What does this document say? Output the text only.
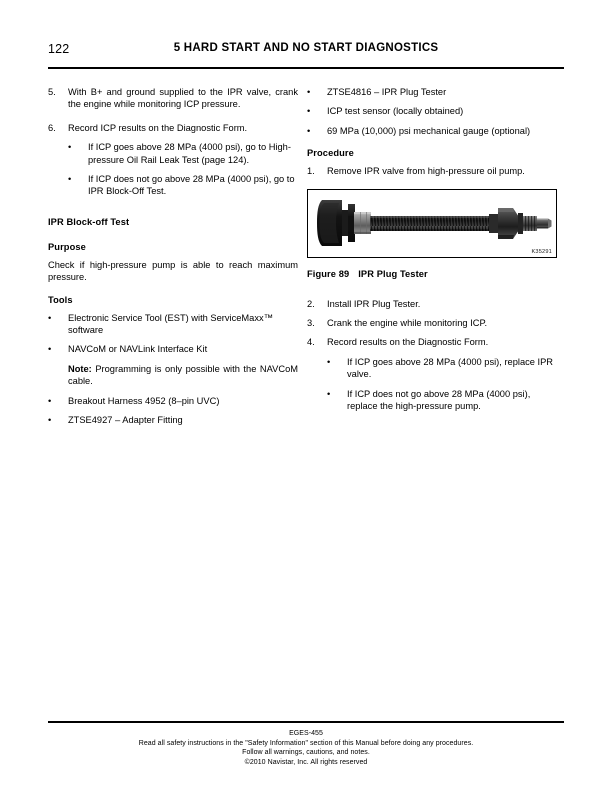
122	5 HARD START AND NO START DIAGNOSTICS
5.	With B+ and ground supplied to the IPR valve, crank the engine while monitoring ICP pressure.
6.	Record ICP results on the Diagnostic Form.
•	If ICP goes above 28 MPa (4000 psi), go to High-pressure Oil Rail Leak Test (page 124).
•	If ICP does not go above 28 MPa (4000 psi), go to IPR Block-Off Test.
IPR Block-off Test
Purpose
Check if high-pressure pump is able to reach maximum pressure.
Tools
•	Electronic Service Tool (EST) with ServiceMaxx™ software
•	NAVCoM or NAVLink Interface Kit
Note: Programming is only possible with the NAVCoM cable.
•	Breakout Harness 4952 (8–pin UVC)
•	ZTSE4927 – Adapter Fitting
•	ZTSE4816 – IPR Plug Tester
•	ICP test sensor (locally obtained)
•	69 MPa (10,000) psi mechanical gauge (optional)
Procedure
1.	Remove IPR valve from high-pressure oil pump.
K35291
Figure 89 IPR Plug Tester
2.	Install IPR Plug Tester.
3.	Crank the engine while monitoring ICP.
4.	Record results on the Diagnostic Form.
•	If ICP goes above 28 MPa (4000 psi), replace IPR valve.
•	If ICP does not go above 28 MPa (4000 psi), replace the high-pressure pump.
EGES-455
Read all safety instructions in the "Safety Information" section of this Manual before doing any procedures.
Follow all warnings, cautions, and notes.
©2010 Navistar, Inc. All rights reserved
